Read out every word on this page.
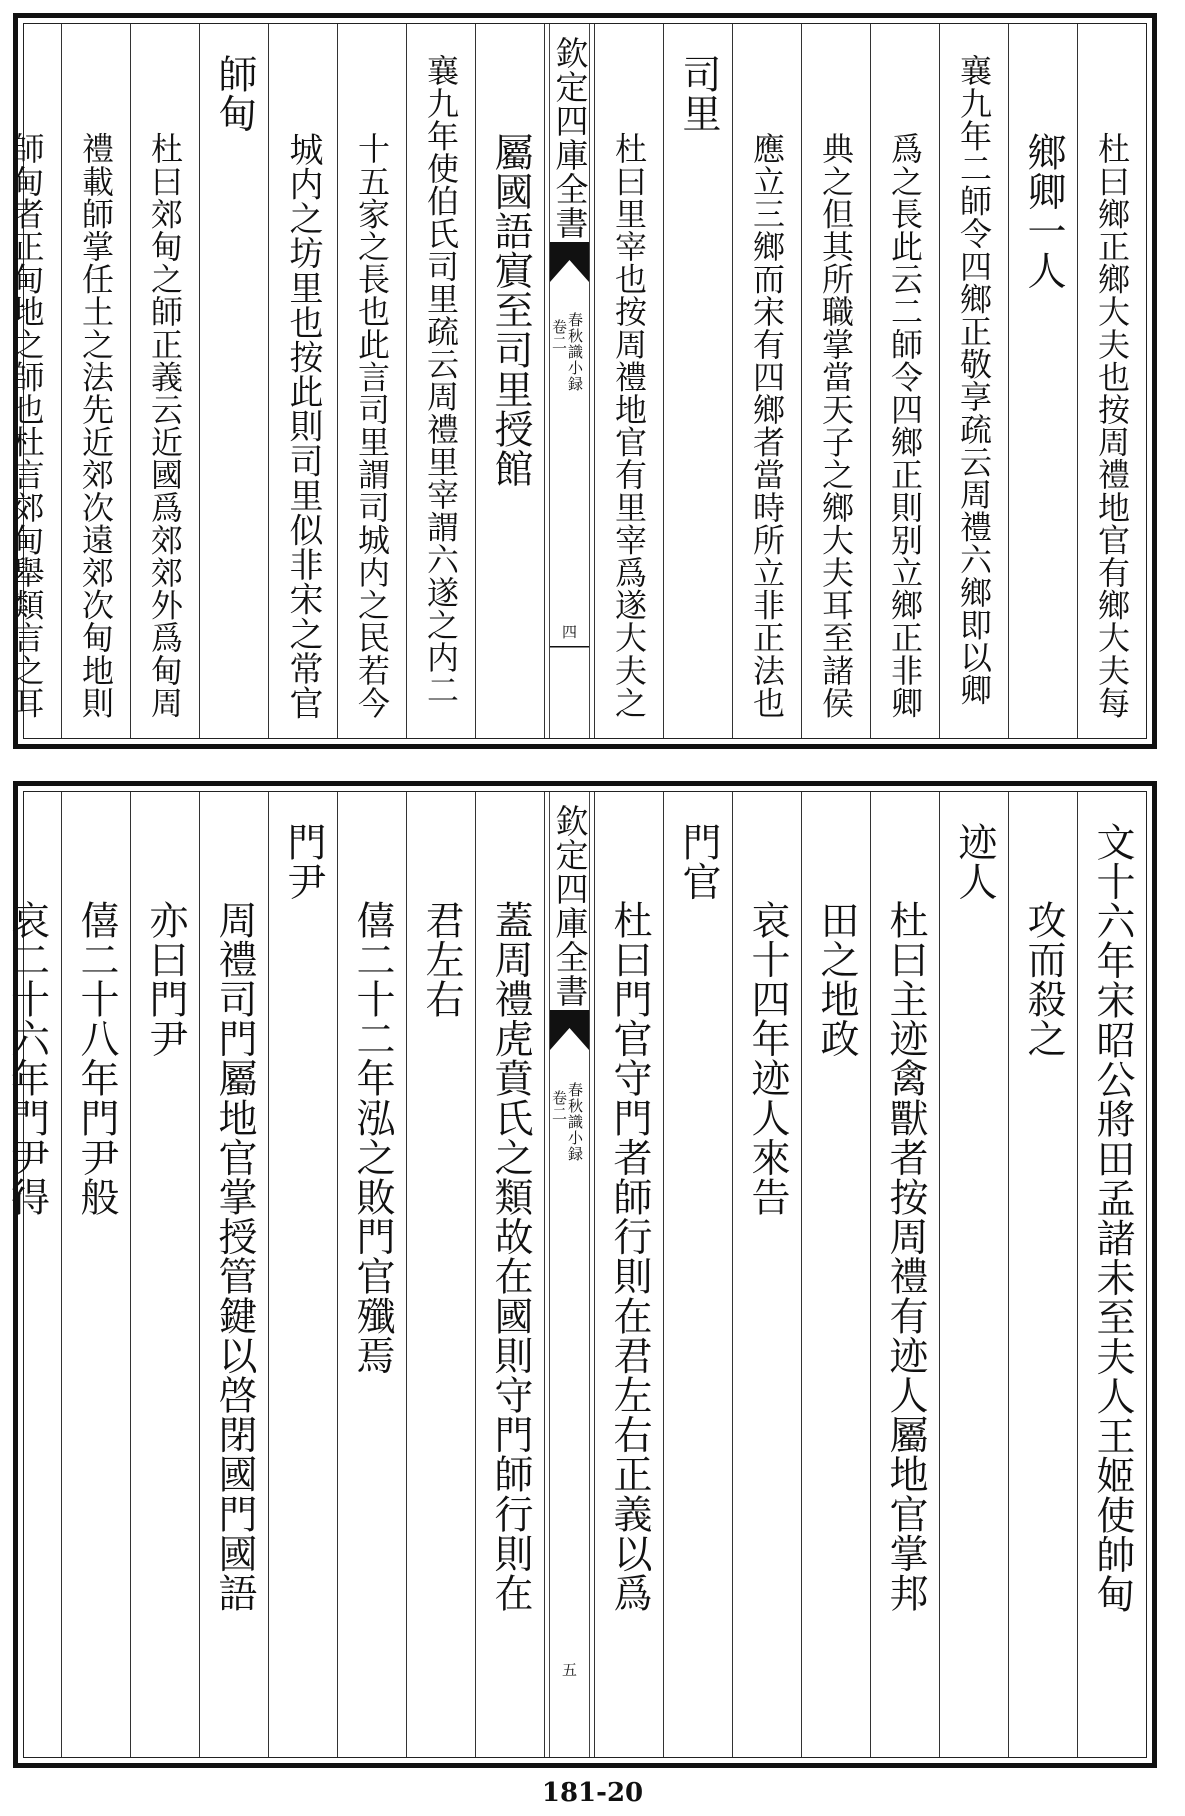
杜曰鄉正鄉大夫也按周禮地官有鄉大夫每
鄉卿一人
襄九年二師令四鄉正敬享疏云周禮六鄉即以卿
爲之長此云二師令四鄉正則别立鄉正非卿
典之但其所職掌當天子之鄉大夫耳至諸侯
應立三鄉而宋有四鄉者當時所立非正法也
司里
杜曰里宰也按周禮地官有里宰爲遂大夫之
欽定四庫全書
春秋識小録
卷二
四
屬國語賔至司里授館
襄九年使伯氏司里疏云周禮里宰謂六遂之内二
十五家之長也此言司里謂司城内之民若今
城内之坊里也按此則司里似非宋之常官
師甸
杜曰郊甸之師正義云近國爲郊郊外爲甸周
禮載師掌任土之法先近郊次遠郊次甸地則
師甸者正甸地之師也杜言郊甸舉類言之耳
文十六年宋昭公將田孟諸未至夫人王姬使帥甸
攻而殺之
迹人
杜曰主迹禽獸者按周禮有迹人屬地官掌邦
田之地政
哀十四年迹人來告
門官
杜曰門官守門者師行則在君左右正義以爲
欽定四庫全書
春秋識小録
卷二
五
蓋周禮虎賁氏之類故在國則守門師行則在
君左右
僖二十二年泓之敗門官殲焉
門尹
周禮司門屬地官掌授管鍵以啓閉國門國語
亦曰門尹
僖二十八年門尹般
哀二十六年門尹得
181-20
